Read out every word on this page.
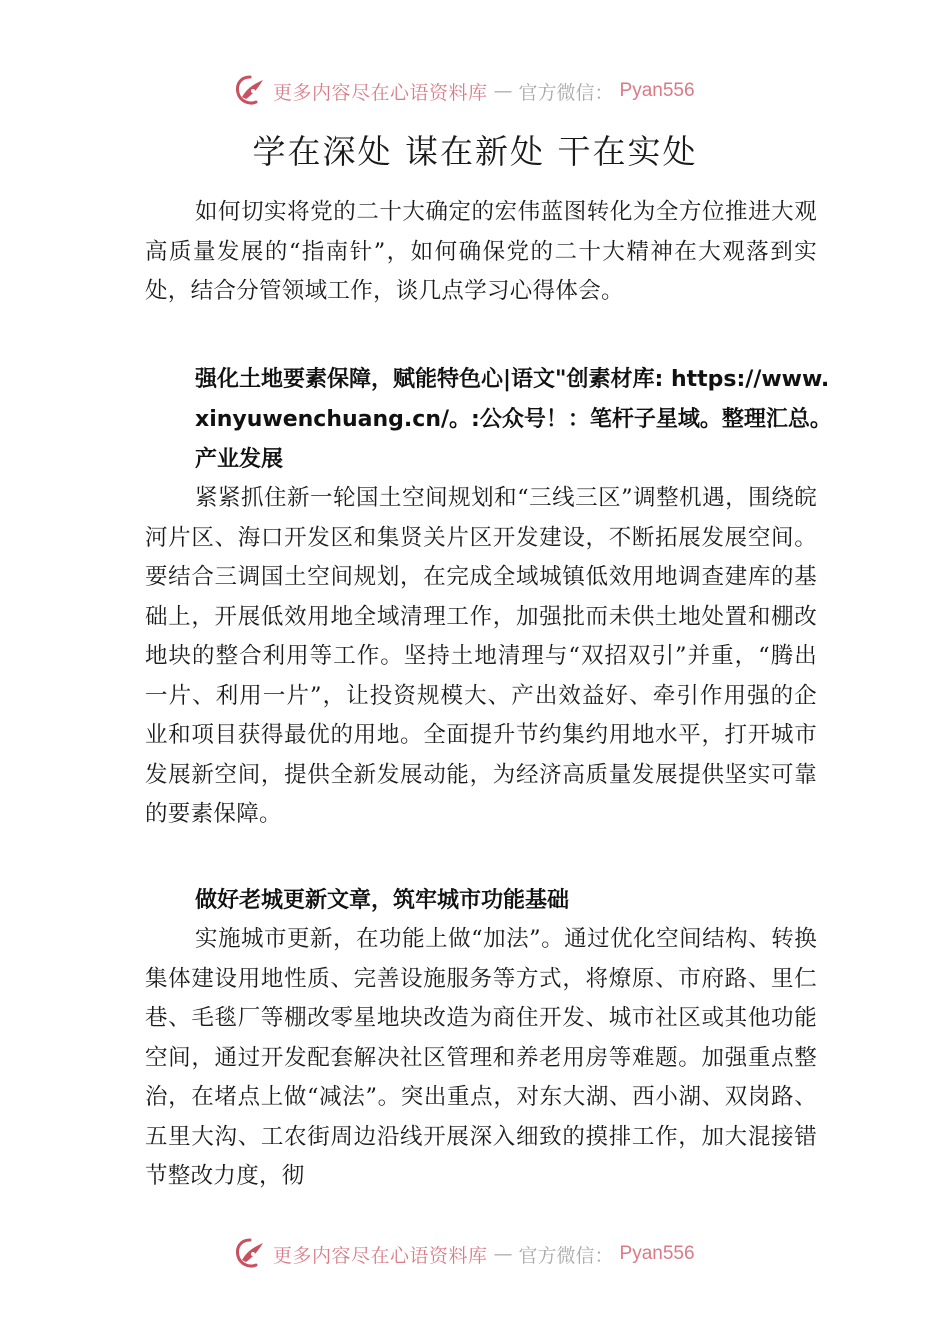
更多内容尽在心语资料库 — 官方微信： Pyan556
学在深处 谋在新处 干在实处

如何切实将党的二十大确定的宏伟蓝图转化为全方位推进大观高质量发展的“指南针”，如何确保党的二十大精神在大观落到实处，结合分管领域工作，谈几点学习心得体会。

强化土地要素保障，赋能特色心|语文"创素材库: https://www.xinyuwenchuang.cn/。:公众号！：笔杆子星域。整理汇总。产业发展

紧紧抓住新一轮国土空间规划和“三线三区”调整机遇，围绕皖河片区、海口开发区和集贤关片区开发建设，不断拓展发展空间。要结合三调国土空间规划，在完成全域城镇低效用地调查建库的基础上，开展低效用地全域清理工作，加强批而未供土地处置和棚改地块的整合利用等工作。坚持土地清理与“双招双引”并重，“腾出一片、利用一片”，让投资规模大、产出效益好、牵引作用强的企业和项目获得最优的用地。全面提升节约集约用地水平，打开城市发展新空间，提供全新发展动能，为经济高质量发展提供坚实可靠的要素保障。

做好老城更新文章，筑牢城市功能基础

实施城市更新，在功能上做“加法”。通过优化空间结构、转换集体建设用地性质、完善设施服务等方式，将燎原、市府路、里仁巷、毛毯厂等棚改零星地块改造为商住开发、城市社区或其他功能空间，通过开发配套解决社区管理和养老用房等难题。加强重点整治，在堵点上做“减法”。突出重点，对东大湖、西小湖、双岗路、五里大沟、工农街周边沿线开展深入细致的摸排工作，加大混接错节整改力度，彻

更多内容尽在心语资料库 — 官方微信： Pyan556
